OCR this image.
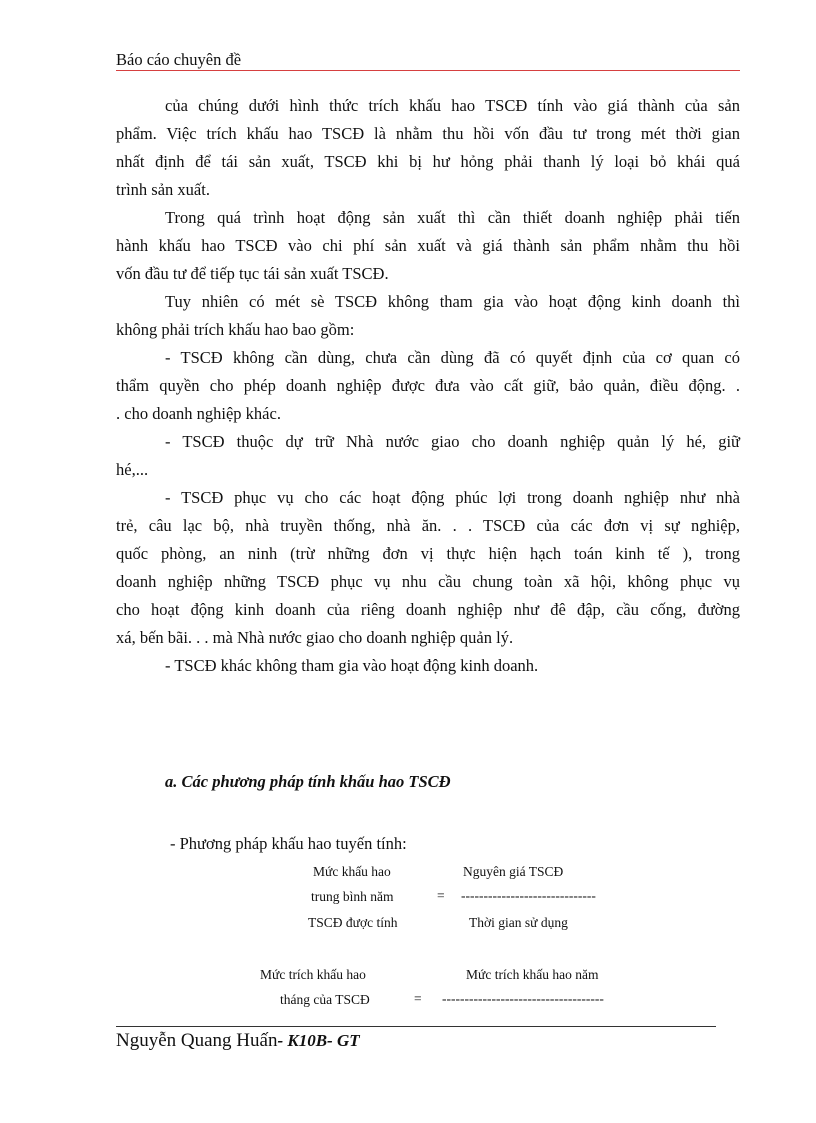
Báo cáo chuyên đề
của chúng dưới hình thức trích khấu hao TSCĐ tính vào giá thành của sản
phẩm. Việc trích khấu hao TSCĐ là nhằm thu hồi vốn đầu tư trong mét thời gian
nhất định để tái sản xuất, TSCĐ khi bị hư hỏng phải thanh lý loại bỏ khái quá
trình sản xuất.
Trong quá trình hoạt động sản xuất thì cần thiết doanh nghiệp phải tiến
hành khấu hao TSCĐ vào chi phí sản xuất và giá thành sản phẩm nhằm thu hồi
vốn đầu tư để tiếp tục tái sản xuất TSCĐ.
Tuy nhiên có mét sè TSCĐ không tham gia vào hoạt động kinh doanh thì
không phải trích khấu hao bao gồm:
- TSCĐ không cần dùng, chưa cần dùng đã có quyết định của cơ quan có
thẩm quyền cho phép doanh nghiệp được đưa vào cất giữ, bảo quản, điều động. .
. cho doanh nghiệp khác.
- TSCĐ thuộc dự trữ Nhà nước giao cho doanh nghiệp quản lý hé, giữ
hé,...
- TSCĐ phục vụ cho các hoạt động phúc lợi trong doanh nghiệp như nhà
trẻ, câu lạc bộ, nhà truyền thống, nhà ăn. . . TSCĐ của các đơn vị sự nghiệp,
quốc phòng, an ninh (trừ những đơn vị thực hiện hạch toán kinh tế ), trong
doanh nghiệp những TSCĐ phục vụ nhu cầu chung toàn xã hội, không phục vụ
cho hoạt động kinh doanh của riêng doanh nghiệp như đê đập, cầu cống, đường
xá, bến bãi. . . mà Nhà nước giao cho doanh nghiệp quản lý.
- TSCĐ khác không tham gia vào hoạt động kinh doanh.
a. Các phương pháp tính khấu hao TSCĐ
- Phương pháp khấu hao tuyến tính:
Mức khấu hao	Nguyên giá TSCĐ
trung bình năm	= ------------------------------
TSCĐ được tính	Thời gian sử dụng
Mức trích khấu hao	Mức trích khấu hao năm
tháng của TSCĐ	= ------------------------------------
Nguyễn Quang Huấn- K10B- GT
